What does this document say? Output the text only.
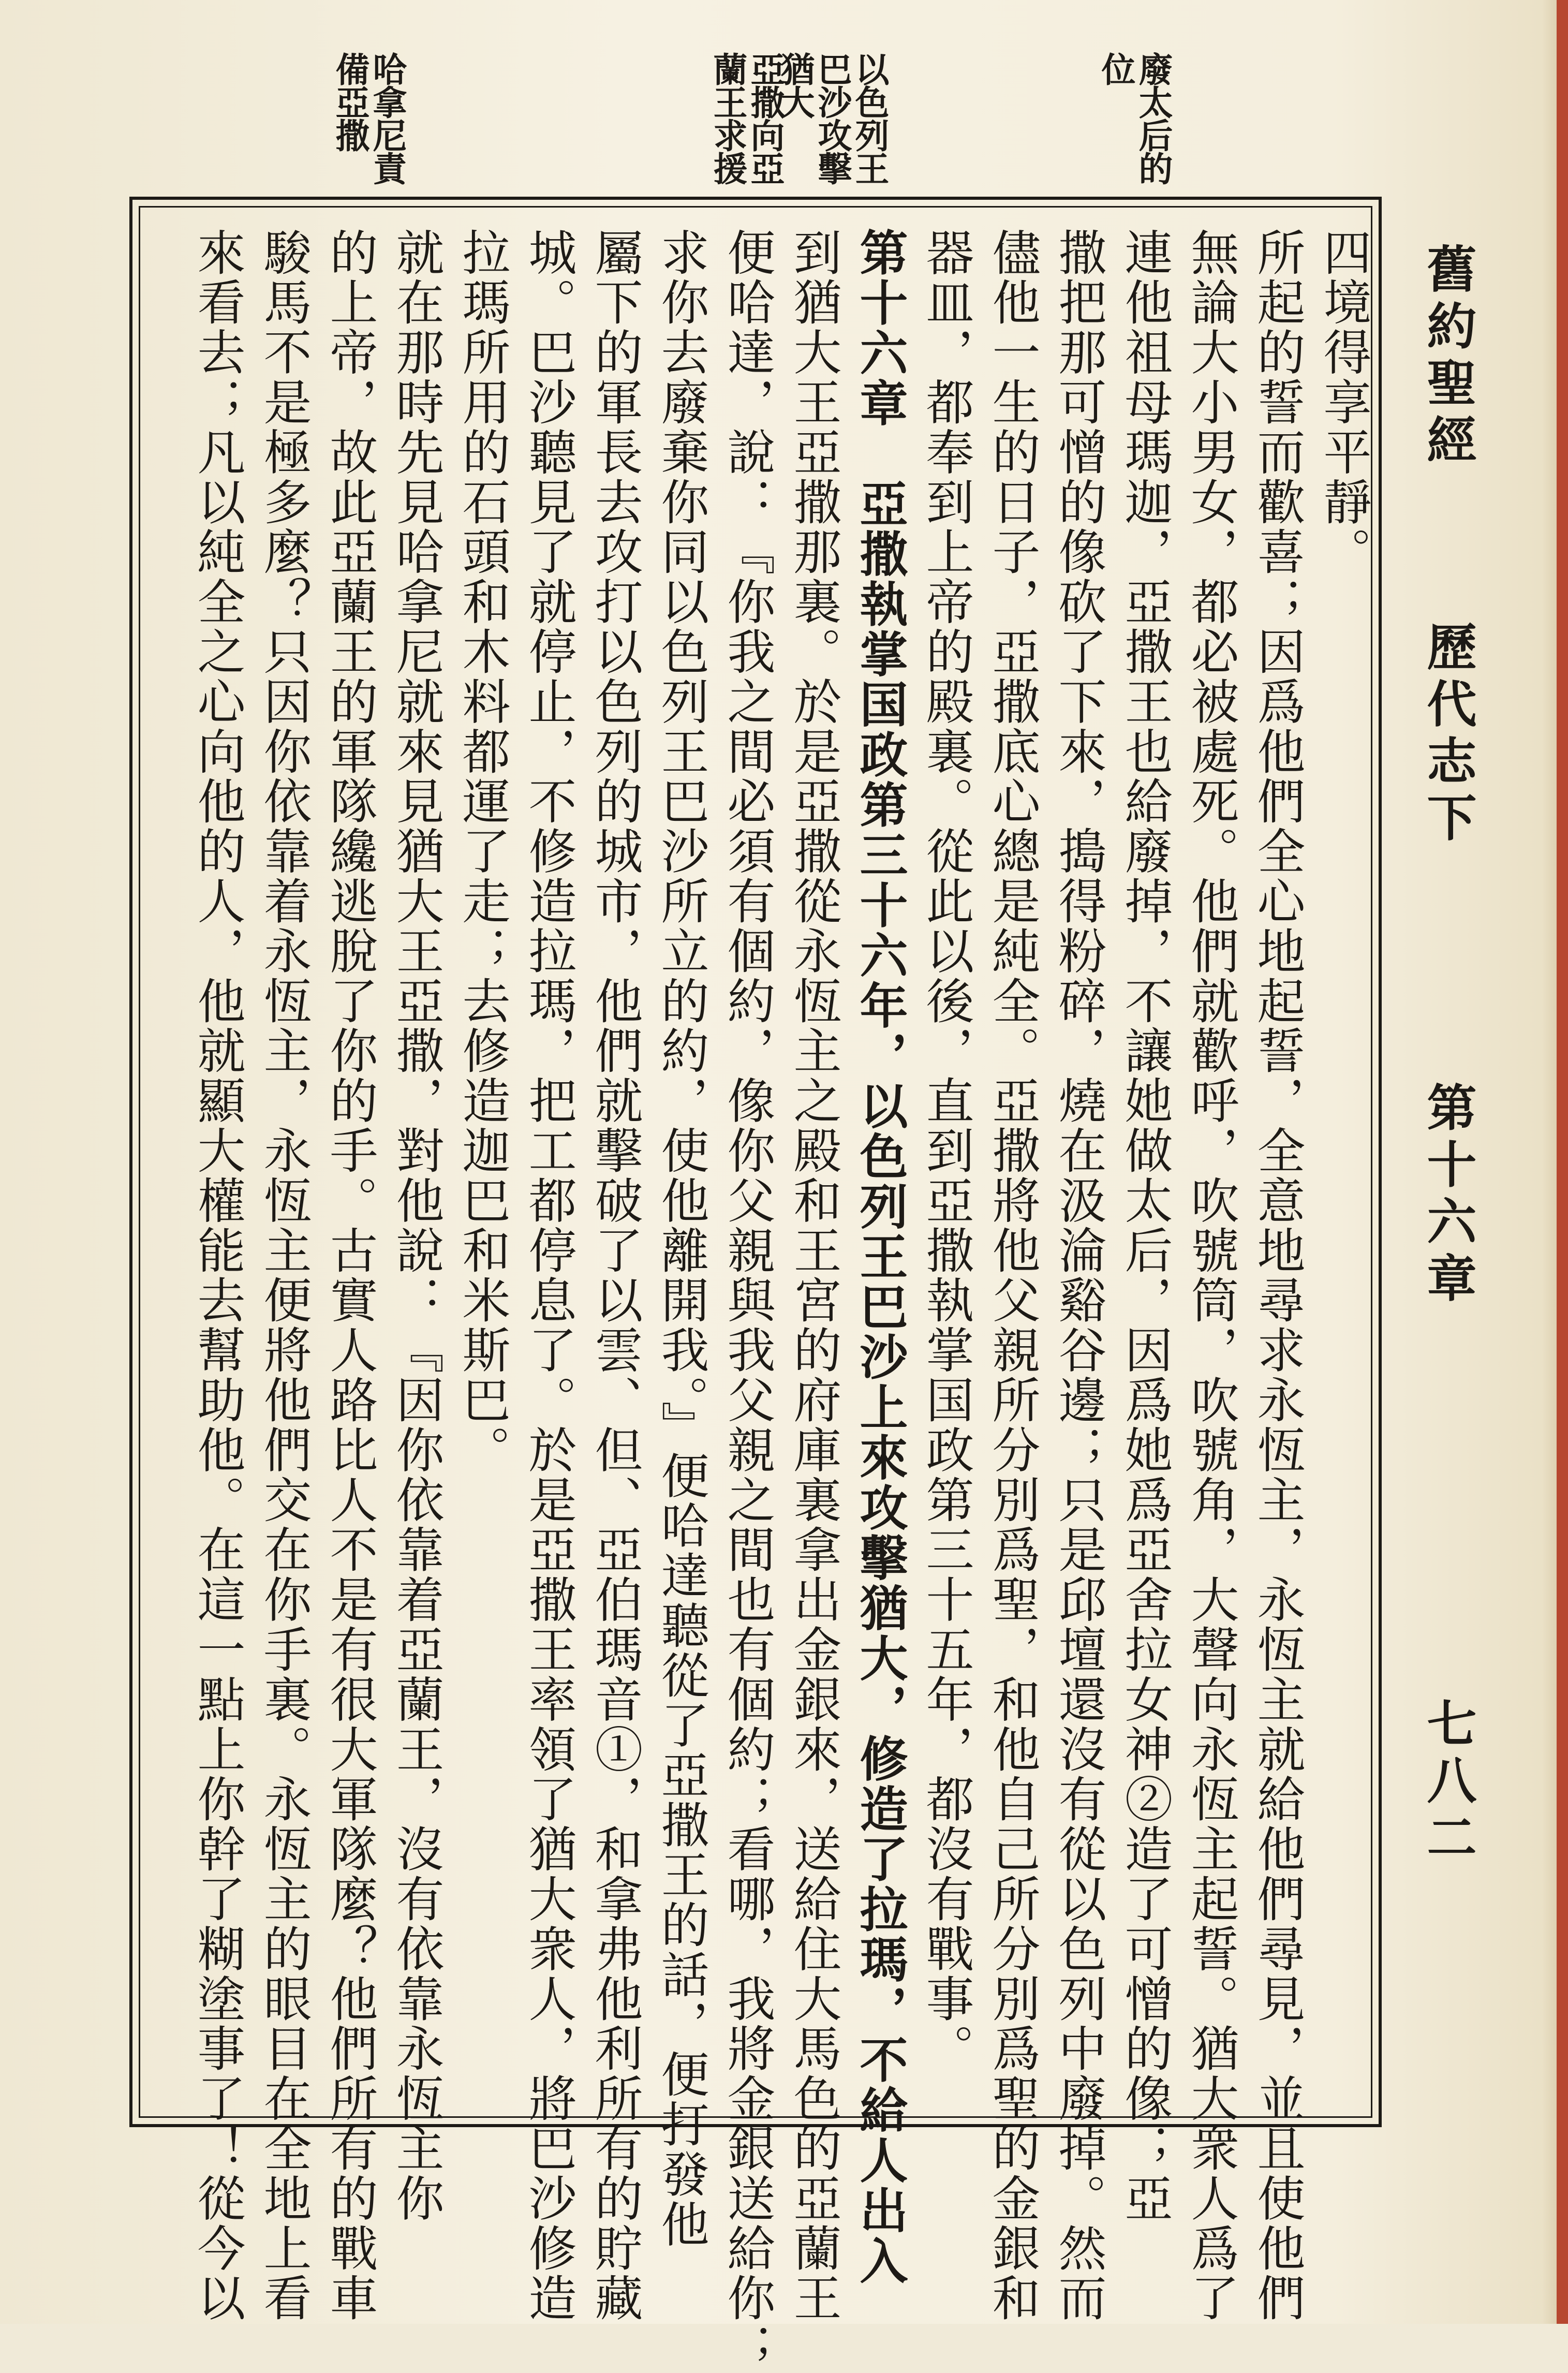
舊約聖經
歷代志下
第十六章
七八二
廢太后的位
以色列王巴沙攻擊猶大
亞撒向亞蘭王求援
哈拿尼責備亞撒
四境得享平靜。
所起的誓而歡喜；因爲他們全心地起誓，全意地尋求永恆主，永恆主就給他們尋見，並且使他們
無論大小男女，都必被處死。他們就歡呼，吹號筒，吹號角，大聲向永恆主起誓。猶大衆人爲了
連他祖母瑪迦，亞撒王也給廢掉，不讓她做太后，因爲她爲亞舍拉女神②造了可憎的像；亞
撒把那可憎的像砍了下來，搗得粉碎，燒在汲淪谿谷邊；只是邱壇還沒有從以色列中廢掉。然而
儘他一生的日子，亞撒底心總是純全。亞撒將他父親所分別爲聖，和他自己所分別爲聖的金銀和
器皿，都奉到上帝的殿裏。從此以後，直到亞撒執掌国政第三十五年，都沒有戰事。
第十六章　亞撒執掌国政第三十六年，以色列王巴沙上來攻擊猶大，修造了拉瑪，不給人出入
到猶大王亞撒那裏。於是亞撒從永恆主之殿和王宮的府庫裏拿出金銀來，送給住大馬色的亞蘭王
便哈達，說：『你我之間必須有個約，像你父親與我父親之間也有個約；看哪，我將金銀送給你；
求你去廢棄你同以色列王巴沙所立的約，使他離開我。』便哈達聽從了亞撒王的話，便打發他
屬下的軍長去攻打以色列的城市，他們就擊破了以雲、但、亞伯瑪音①，和拿弗他利所有的貯藏
城。巴沙聽見了就停止，不修造拉瑪，把工都停息了。於是亞撒王率領了猶大衆人，將巴沙修造
拉瑪所用的石頭和木料都運了走；去修造迦巴和米斯巴。
就在那時先見哈拿尼就來見猶大王亞撒，對他說：『因你依靠着亞蘭王，沒有依靠永恆主你
的上帝，故此亞蘭王的軍隊纔逃脫了你的手。古實人路比人不是有很大軍隊麼？他們所有的戰車
駿馬不是極多麼？只因你依靠着永恆主，永恆主便將他們交在你手裏。永恆主的眼目在全地上看
來看去；凡以純全之心向他的人，他就顯大權能去幫助他。在這一點上你幹了糊塗事了！從今以
